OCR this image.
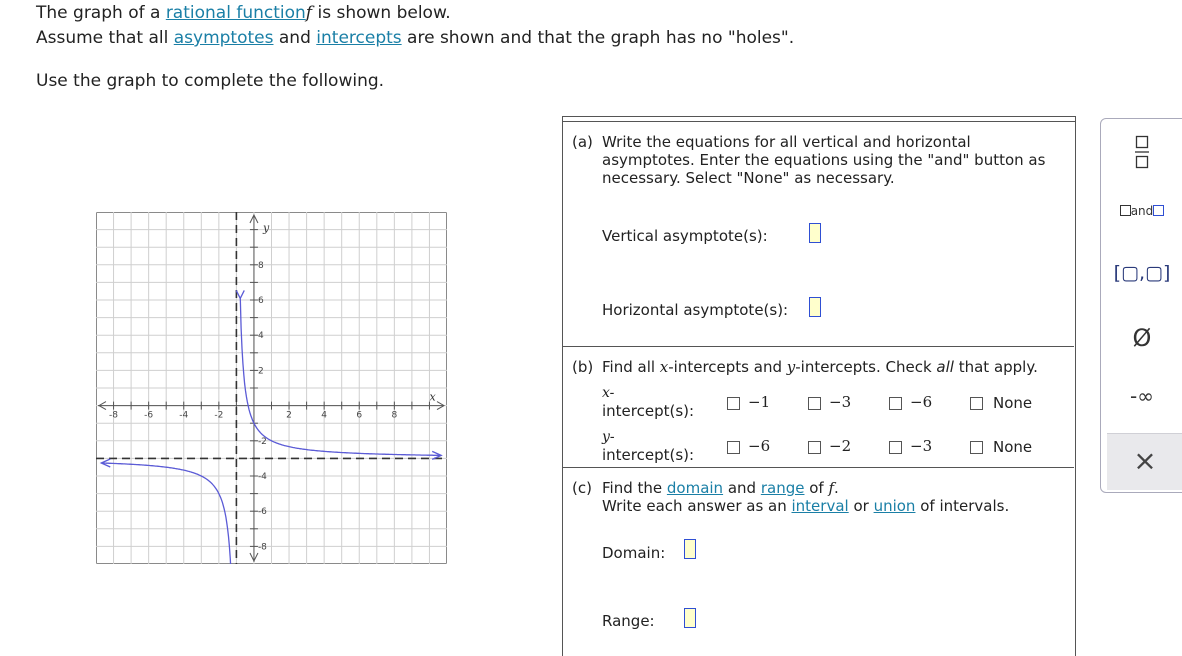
The graph of a rational functionf is shown below.
Assume that all asymptotes and intercepts are shown and that the graph has no "holes".
Use the graph to complete the following.
-8	-6	-4	-2	2	4	6	8
8
6
4
2
-2
-4
-6
-8
x
y
(a) Write the equations for all vertical and horizontal
asymptotes. Enter the equations using the "and" button as
necessary. Select "None" as necessary.
Vertical asymptote(s):
Horizontal asymptote(s):
(b) Find all x-intercepts and y-intercepts. Check all that apply.
x-
intercept(s):	−1	−3	−6	None
y-
intercept(s):	−6	−2	−3	None
(c) Find the domain and range of f.
Write each answer as an interval or union of intervals.
Domain:
Range:
and
[▢,▢]
Ø
-∞
×
